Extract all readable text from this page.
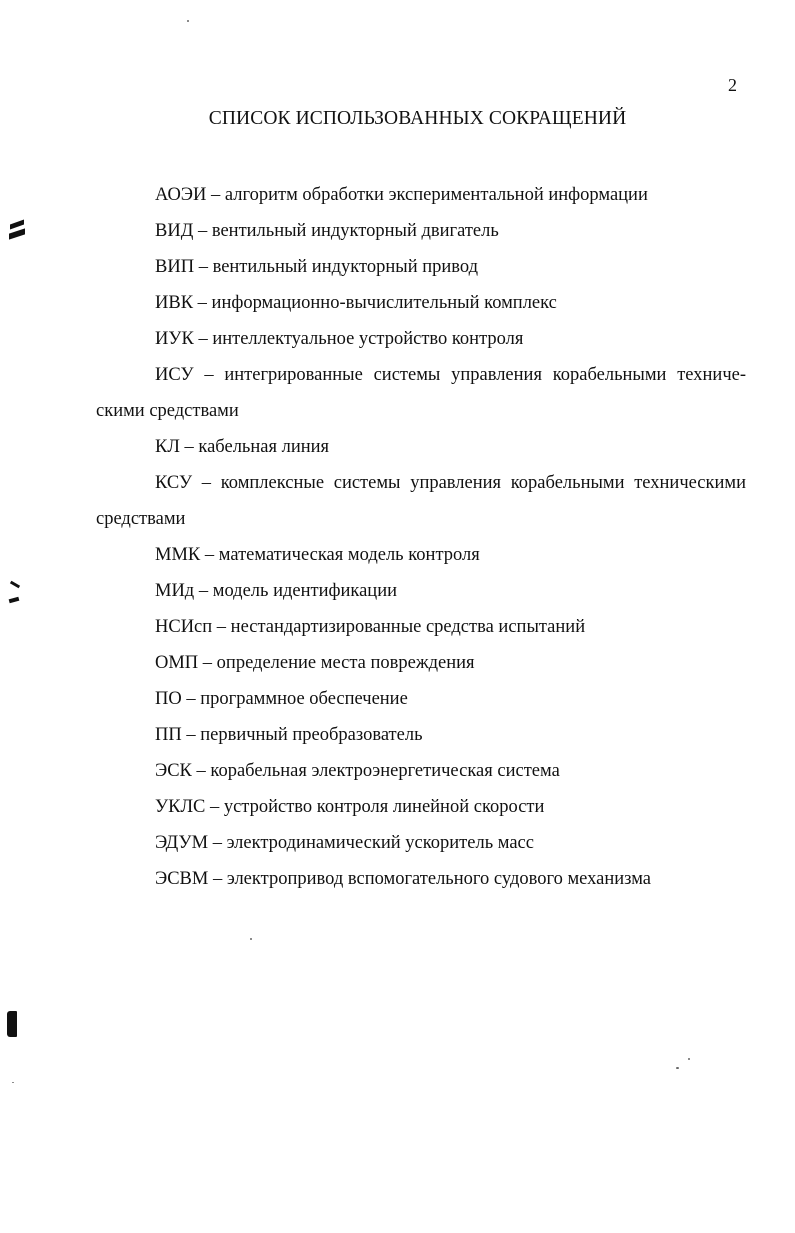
2
СПИСОК ИСПОЛЬЗОВАННЫХ СОКРАЩЕНИЙ

АОЭИ – алгоритм обработки экспериментальной информации

ВИД – вентильный индукторный двигатель

ВИП – вентильный индукторный привод

ИВК – информационно-вычислительный комплекс

ИУК – интеллектуальное устройство контроля

ИСУ – интегрированные системы управления корабельными техниче-скими средствами

КЛ – кабельная линия

КСУ – комплексные системы управления корабельными техническими средствами

ММК – математическая модель контроля

МИд – модель идентификации

НСИсп – нестандартизированные средства испытаний

ОМП – определение места повреждения

ПО – программное обеспечение

ПП – первичный преобразователь

ЭСК – корабельная электроэнергетическая система

УКЛС – устройство контроля линейной скорости

ЭДУМ – электродинамический ускоритель масс

ЭСВМ – электропривод вспомогательного судового механизма
